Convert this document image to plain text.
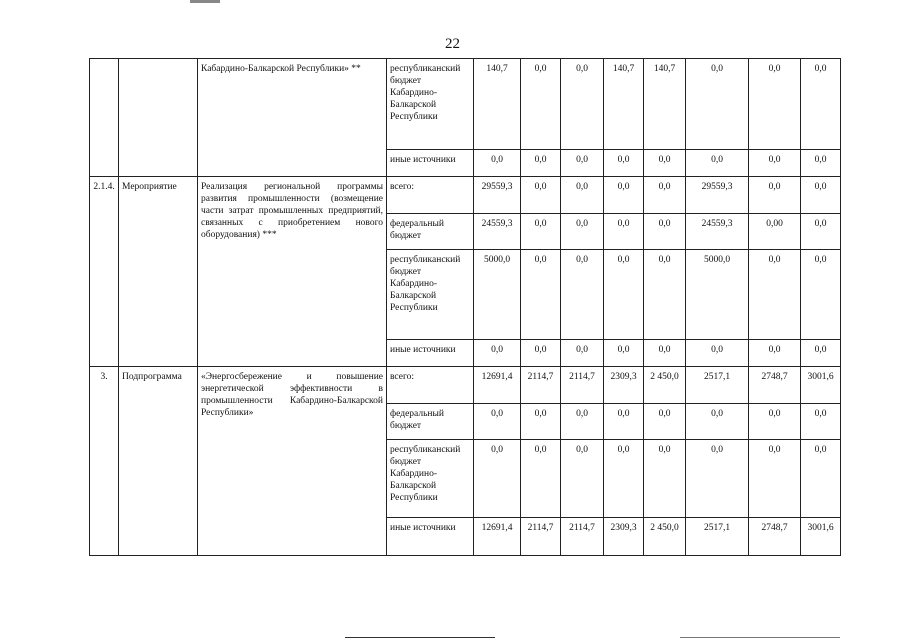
22
		Кабардино-Балкарской Республики» **	республиканский бюджет Кабардино-Балкарской Республики	140,7	0,0	0,0	140,7	140,7	0,0	0,0	0,0
			иные источники	0,0	0,0	0,0	0,0	0,0	0,0	0,0	0,0
2.1.4.	Мероприятие	Реализация региональной программы развития промышленности (возмещение части затрат промышленных предприятий, связанных с приобретением нового оборудования) ***	всего:	29559,3	0,0	0,0	0,0	0,0	29559,3	0,0	0,0
			федеральный бюджет	24559,3	0,0	0,0	0,0	0,0	24559,3	0,00	0,0
			республиканский бюджет Кабардино-Балкарской Республики	5000,0	0,0	0,0	0,0	0,0	5000,0	0,0	0,0
			иные источники	0,0	0,0	0,0	0,0	0,0	0,0	0,0	0,0
3.	Подпрограмма	«Энергосбережение и повышение энергетической эффективности в промышленности Кабардино-Балкарской Республики»	всего:	12691,4	2114,7	2114,7	2309,3	2 450,0	2517,1	2748,7	3001,6
			федеральный бюджет	0,0	0,0	0,0	0,0	0,0	0,0	0,0	0,0
			республиканский бюджет Кабардино-Балкарской Республики	0,0	0,0	0,0	0,0	0,0	0,0	0,0	0,0
			иные источники	12691,4	2114,7	2114,7	2309,3	2 450,0	2517,1	2748,7	3001,6
